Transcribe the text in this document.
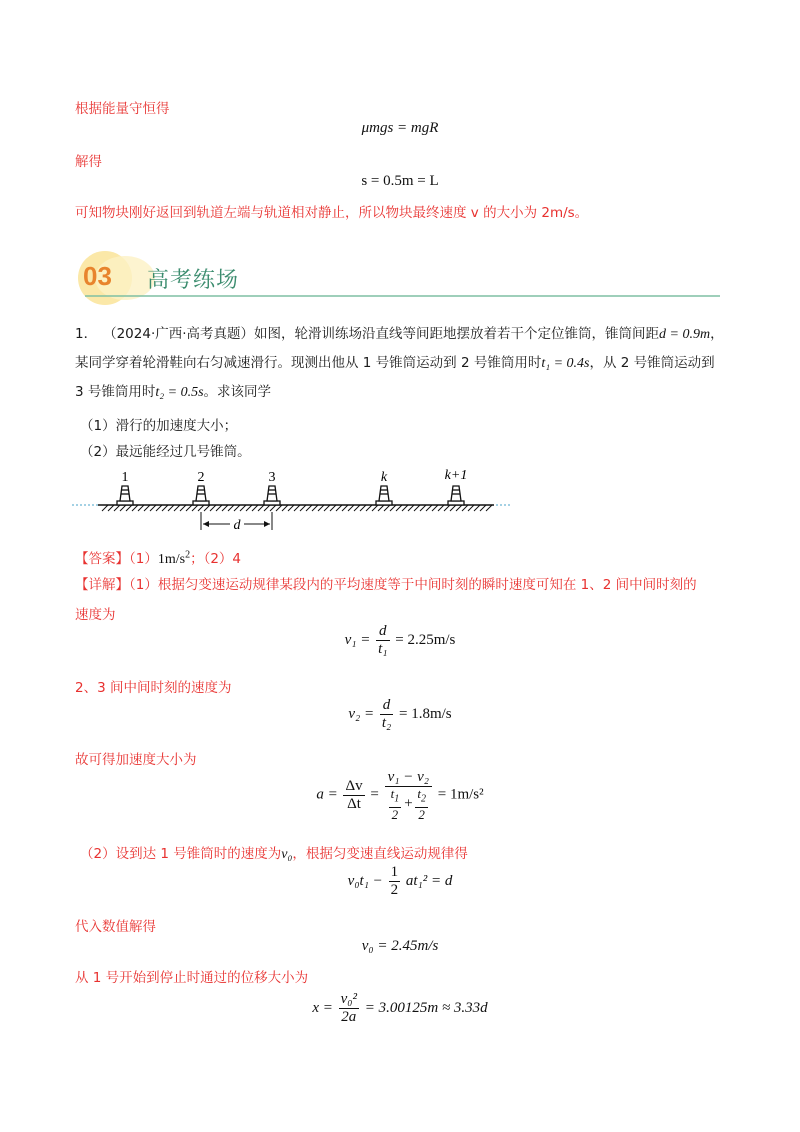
根据能量守恒得
μmgs = mgR
解得
s = 0.5m = L
可知物块刚好返回到轨道左端与轨道相对静止，所以物块最终速度 v 的大小为 2m/s。
03 高考练场
1． （2024·广西·高考真题）如图，轮滑训练场沿直线等间距地摆放着若干个定位锥筒，锥筒间距d = 0.9m，
某同学穿着轮滑鞋向右匀减速滑行。现测出他从 1 号锥筒运动到 2 号锥筒用时t₁ = 0.4s，从 2 号锥筒运动到
3 号锥筒用时t₂ = 0.5s。求该同学
（1）滑行的加速度大小；
（2）最远能经过几号锥筒。
1	2	3	k	k+1
d
【答案】$(1)1m/s^2$；（2）4
【详解】（1）根据匀变速运动规律某段内的平均速度等于中间时刻的瞬时速度可知在 1、2 间中间时刻的
速度为
$v_1 = \frac{d}{\text{t₁}} = 2.25m/s$
2、3 间中间时刻的速度为
$v_2 = \frac{d}{\text{t₂}} = 1.8m/s$
故可得加速度大小为
$a = \frac{\Delta v}{\Delta t} = \frac{\text{v₁ − v₂}}{\frac{t_1}{2} + \frac{t_2}{2}} = 1m/s^2$
（2）设到达 1 号锥筒时的速度为v₀，根据匀变速直线运动规律得
$v_0t_1 - \frac{1}{2} at_1^2 = d$
代入数值解得
v₀ = 2.45m/s
从 1 号开始到停止时通过的位移大小为
$x = \frac{\text{v₀²}}{2a} = 3.00125m \approx 3.33d$
